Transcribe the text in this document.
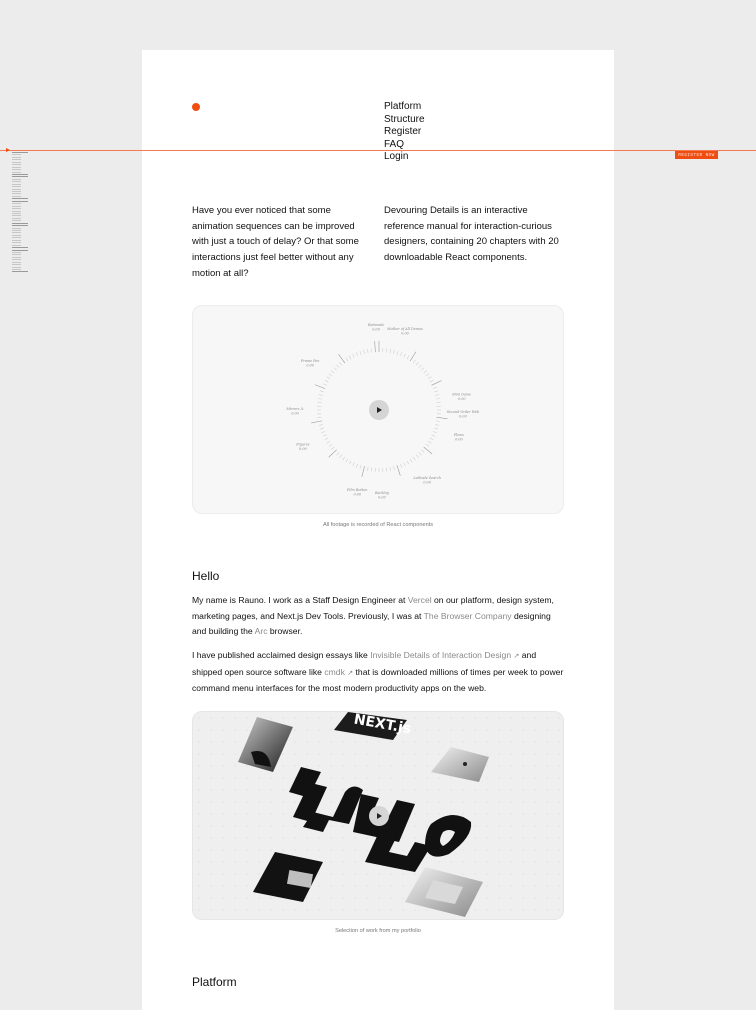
Platform
Structure
Register
FAQ
Login	REGISTER NOW

Have you ever noticed that some animation sequences can be improved with just a touch of delay? Or that some interactions just feel better without any motion at all?

Devouring Details is an interactive reference manual for interaction-curious designers, containing 20 chapters with 20 downloadable React components.

Rationale 0:00	Mother of All Demos 0:00
Mini Game 0:00
Second-Order Web 0:00
Flows 0:00
Latitude Search 0:00
Backlog 0:00
Film Button 0:00
Figures 0:00
Mirrors & 0:00
Frame Pen 0:00
All footage is recorded of React components
Hello

My name is Rauno. I work as a Staff Design Engineer at Vercel on our platform, design system, marketing pages, and Next.js Dev Tools. Previously, I was at The Browser Company designing and building the Arc browser.

I have published acclaimed design essays like Invisible Details of Interaction Design ↗ and shipped open source software like cmdk ↗ that is downloaded millions of times per week to power command menu interfaces for the most modern productivity apps on the web.

NEXT.js
Selection of work from my portfolio
Platform
